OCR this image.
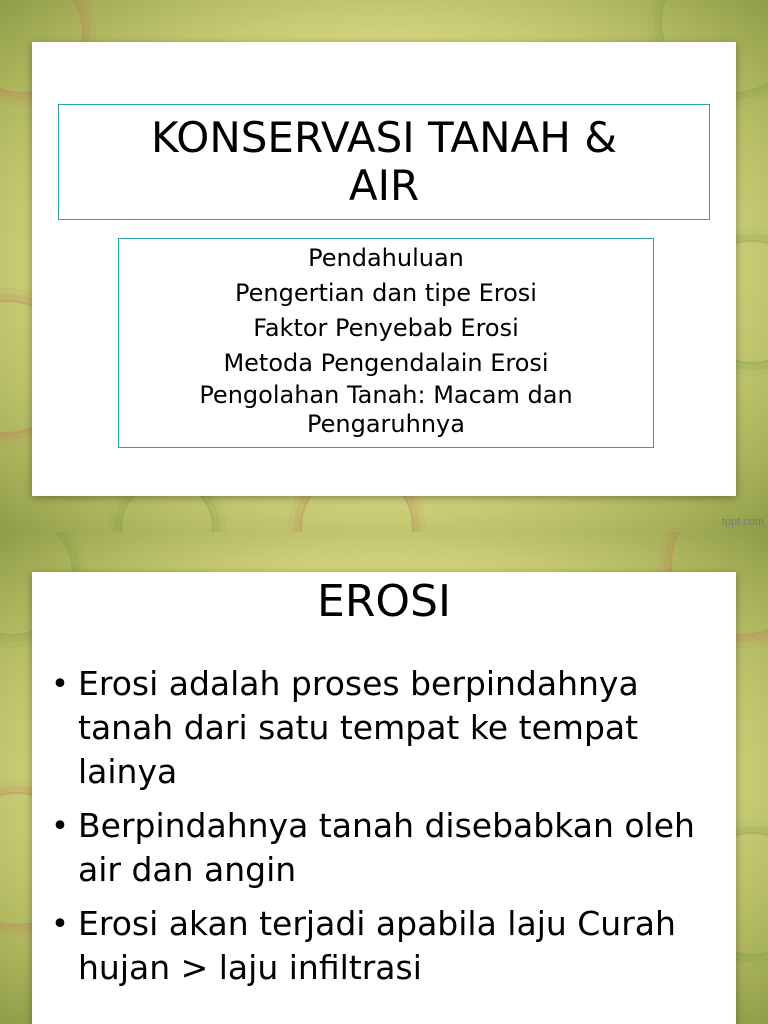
KONSERVASI TANAH &
AIR
Pendahuluan
Pengertian dan tipe Erosi
Faktor Penyebab Erosi
Metoda Pengendalain Erosi
Pengolahan Tanah: Macam dan Pengaruhnya
tppt.com
EROSI
• Erosi adalah proses berpindahnya tanah dari satu tempat ke tempat lainya
• Berpindahnya tanah disebabkan oleh air dan angin
• Erosi akan terjadi apabila laju Curah hujan > laju infiltrasi
